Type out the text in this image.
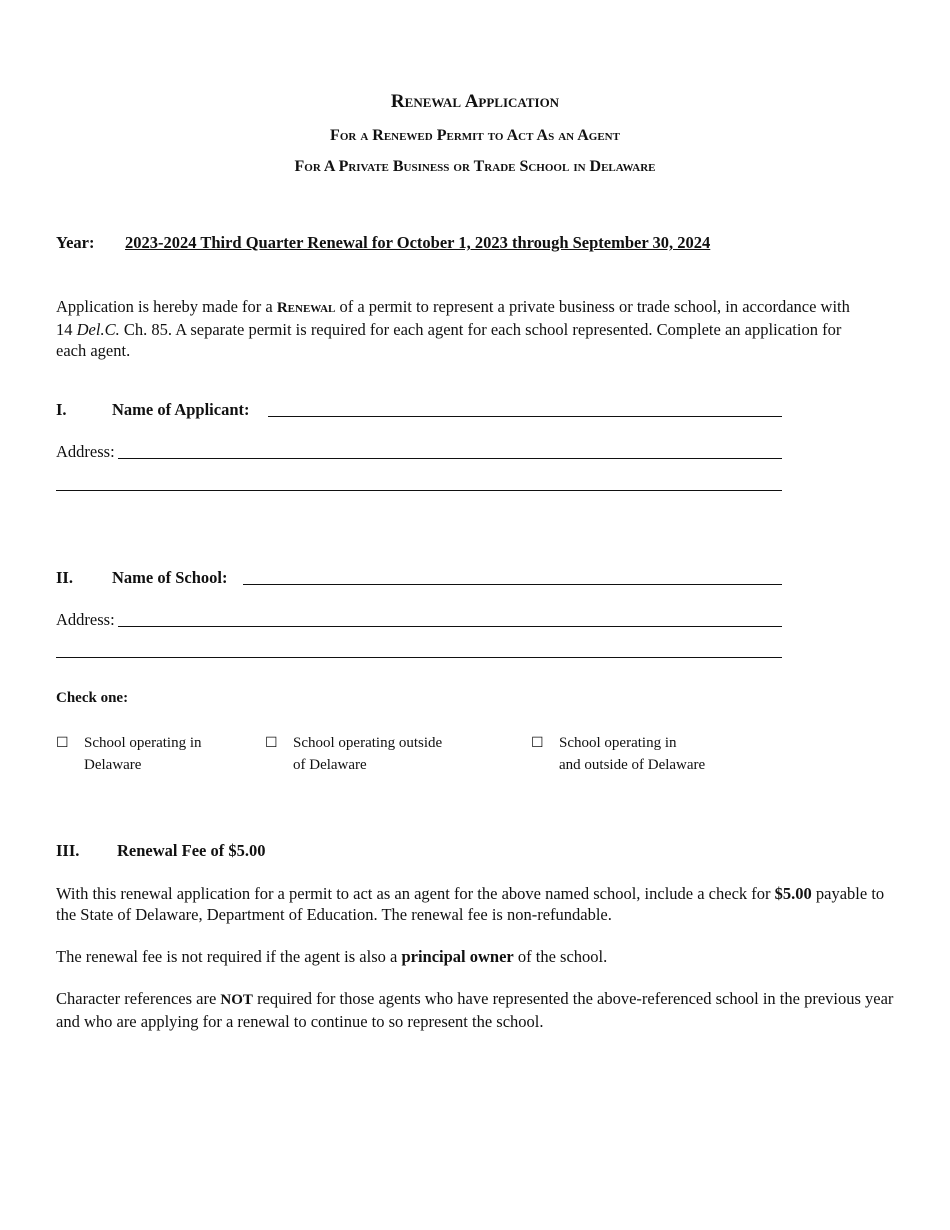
Renewal Application
For a Renewed Permit to Act As an Agent
For A Private Business or Trade School in Delaware
Year: 2023-2024 Third Quarter Renewal for October 1, 2023 through September 30, 2024
Application is hereby made for a Renewal of a permit to represent a private business or trade school, in accordance with 14 Del.C. Ch. 85. A separate permit is required for each agent for each school represented. Complete an application for each agent.
I.	Name of Applicant:
Address:
II. Name of School:
Address:
Check one:
☐ School operating in
Delaware
☐ School operating outside
of Delaware
☐ School operating in
and outside of Delaware
III. Renewal Fee of $5.00
With this renewal application for a permit to act as an agent for the above named school, include a check for $5.00 payable to the State of Delaware, Department of Education. The renewal fee is non-refundable.
The renewal fee is not required if the agent is also a principal owner of the school.
Character references are NOT required for those agents who have represented the above-referenced school in the previous year and who are applying for a renewal to continue to so represent the school.
